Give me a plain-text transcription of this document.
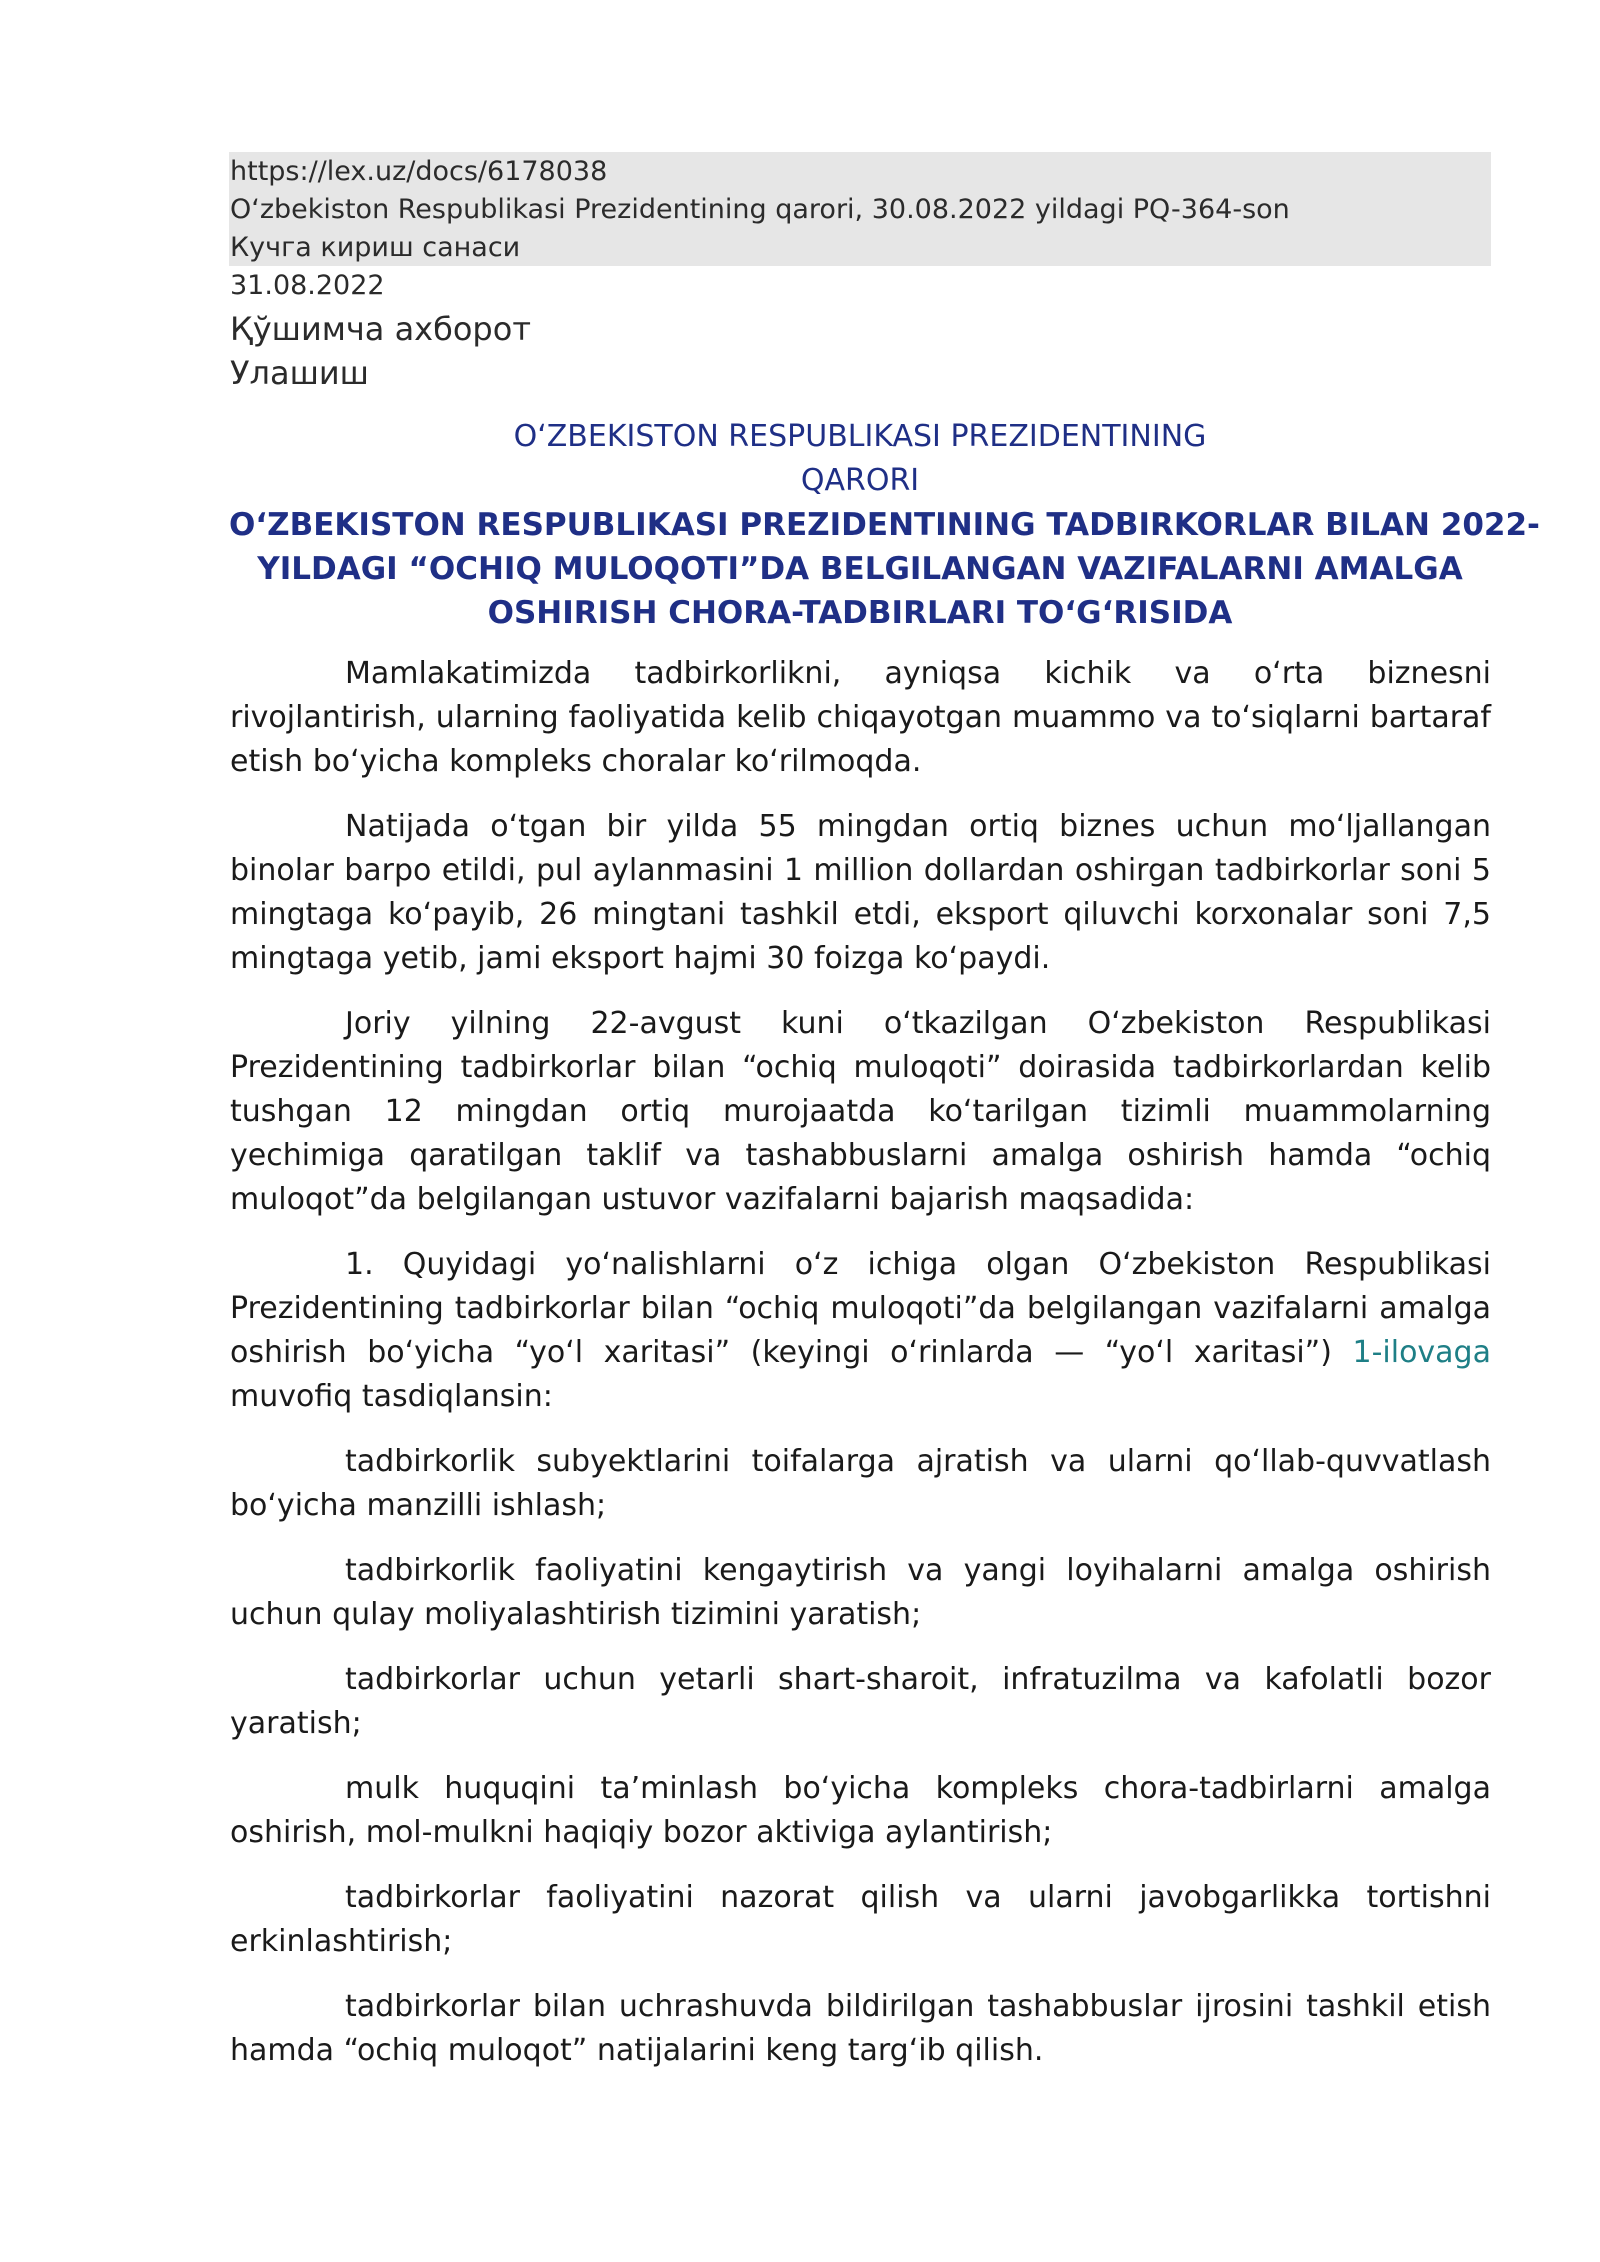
https://lex.uz/docs/6178038
O‘zbekiston Respublikasi Prezidentining qarori, 30.08.2022 yildagi PQ-364-son
Кучга кириш санаси
31.08.2022
Қўшимча ахборот
Улашиш
O‘ZBEKISTON RESPUBLIKASI PREZIDENTINING
QARORI
O‘ZBEKISTON RESPUBLIKASI PREZIDENTINING TADBIRKORLAR BILAN 2022-
YILDAGI “OCHIQ MULOQOTI”DA BELGILANGAN VAZIFALARNI AMALGA
OSHIRISH CHORA-TADBIRLARI TO‘G‘RISIDA

Mamlakatimizda tadbirkorlikni, ayniqsa kichik va o‘rta biznesni rivojlantirish, ularning faoliyatida kelib chiqayotgan muammo va to‘siqlarni bartaraf etish bo‘yicha kompleks choralar ko‘rilmoqda.

Natijada o‘tgan bir yilda 55 mingdan ortiq biznes uchun mo‘ljallangan binolar barpo etildi, pul aylanmasini 1 million dollardan oshirgan tadbirkorlar soni 5 mingtaga ko‘payib, 26 mingtani tashkil etdi, eksport qiluvchi korxonalar soni 7,5 mingtaga yetib, jami eksport hajmi 30 foizga ko‘paydi.

Joriy yilning 22-avgust kuni o‘tkazilgan O‘zbekiston Respublikasi Prezidentining tadbirkorlar bilan “ochiq muloqoti” doirasida tadbirkorlardan kelib tushgan 12 mingdan ortiq murojaatda ko‘tarilgan tizimli muammolarning yechimiga qaratilgan taklif va tashabbuslarni amalga oshirish hamda “ochiq muloqot”da belgilangan ustuvor vazifalarni bajarish maqsadida:

1. Quyidagi yo‘nalishlarni o‘z ichiga olgan O‘zbekiston Respublikasi Prezidentining tadbirkorlar bilan “ochiq muloqoti”da belgilangan vazifalarni amalga oshirish bo‘yicha “yo‘l xaritasi” (keyingi o‘rinlarda — “yo‘l xaritasi”) 1-ilovaga muvofiq tasdiqlansin:

tadbirkorlik subyektlarini toifalarga ajratish va ularni qo‘llab-quvvatlash bo‘yicha manzilli ishlash;

tadbirkorlik faoliyatini kengaytirish va yangi loyihalarni amalga oshirish uchun qulay moliyalashtirish tizimini yaratish;

tadbirkorlar uchun yetarli shart-sharoit, infratuzilma va kafolatli bozor yaratish;

mulk huquqini ta’minlash bo‘yicha kompleks chora-tadbirlarni amalga oshirish, mol-mulkni haqiqiy bozor aktiviga aylantirish;

tadbirkorlar faoliyatini nazorat qilish va ularni javobgarlikka tortishni erkinlashtirish;

tadbirkorlar bilan uchrashuvda bildirilgan tashabbuslar ijrosini tashkil etish hamda “ochiq muloqot” natijalarini keng targ‘ib qilish.
